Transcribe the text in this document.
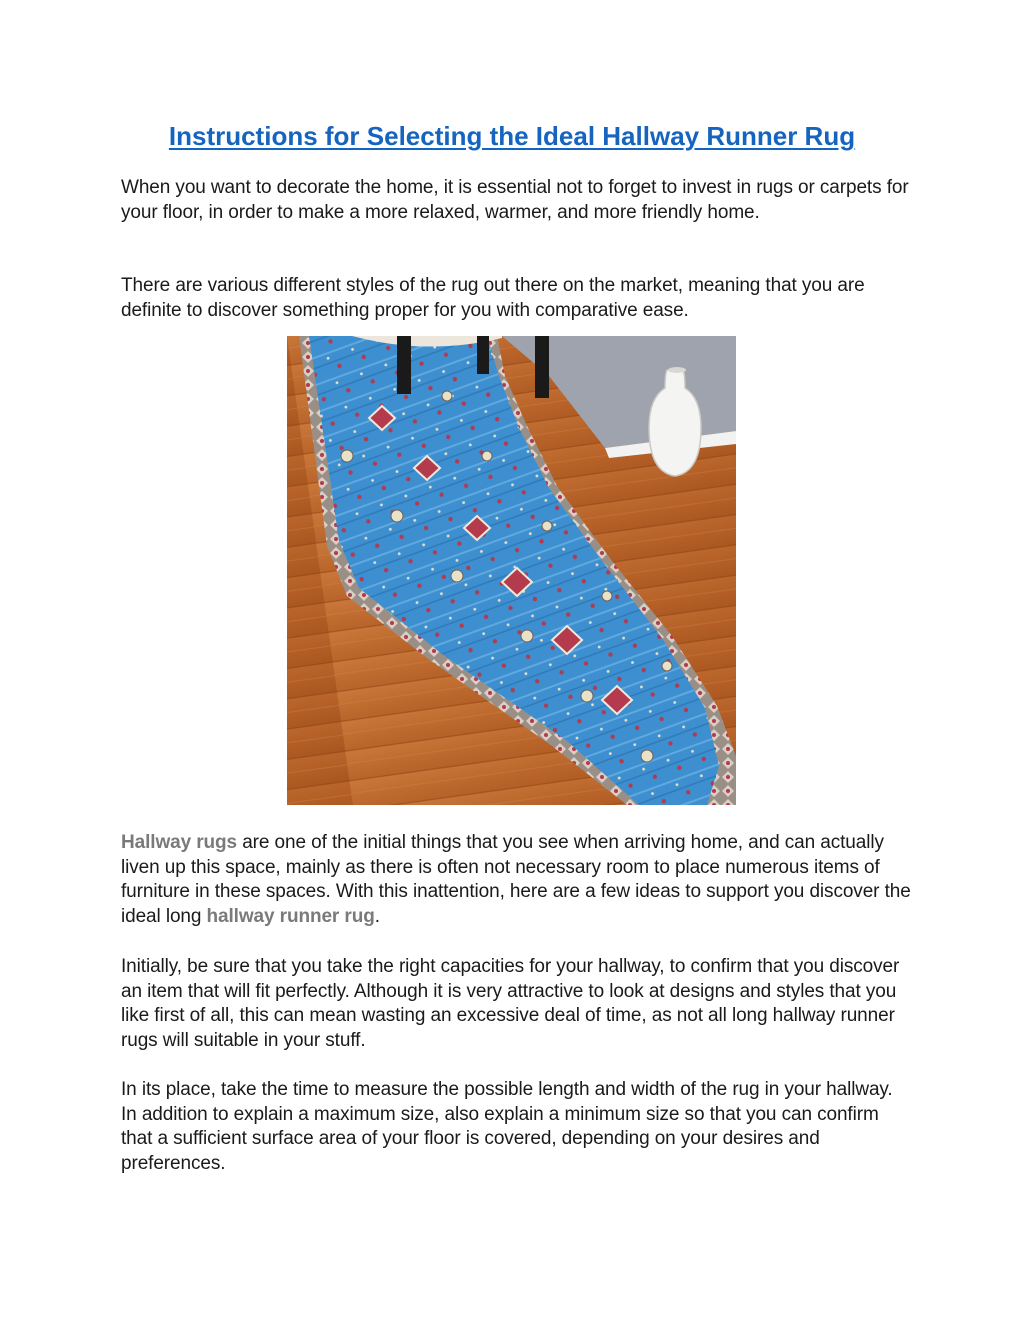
Instructions for Selecting the Ideal Hallway Runner Rug

When you want to decorate the home, it is essential not to forget to invest in rugs or carpets for your floor, in order to make a more relaxed, warmer, and more friendly home.

There are various different styles of the rug out there on the market, meaning that you are definite to discover something proper for you with comparative ease.

Hallway rugs are one of the initial things that you see when arriving home, and can actually liven up this space, mainly as there is often not necessary room to place numerous items of furniture in these spaces. With this inattention, here are a few ideas to support you discover the ideal long hallway runner rug.

Initially, be sure that you take the right capacities for your hallway, to confirm that you discover an item that will fit perfectly. Although it is very attractive to look at designs and styles that you like first of all, this can mean wasting an excessive deal of time, as not all long hallway runner rugs will suitable in your stuff.

In its place, take the time to measure the possible length and width of the rug in your hallway. In addition to explain a maximum size, also explain a minimum size so that you can confirm that a sufficient surface area of your floor is covered, depending on your desires and preferences.
